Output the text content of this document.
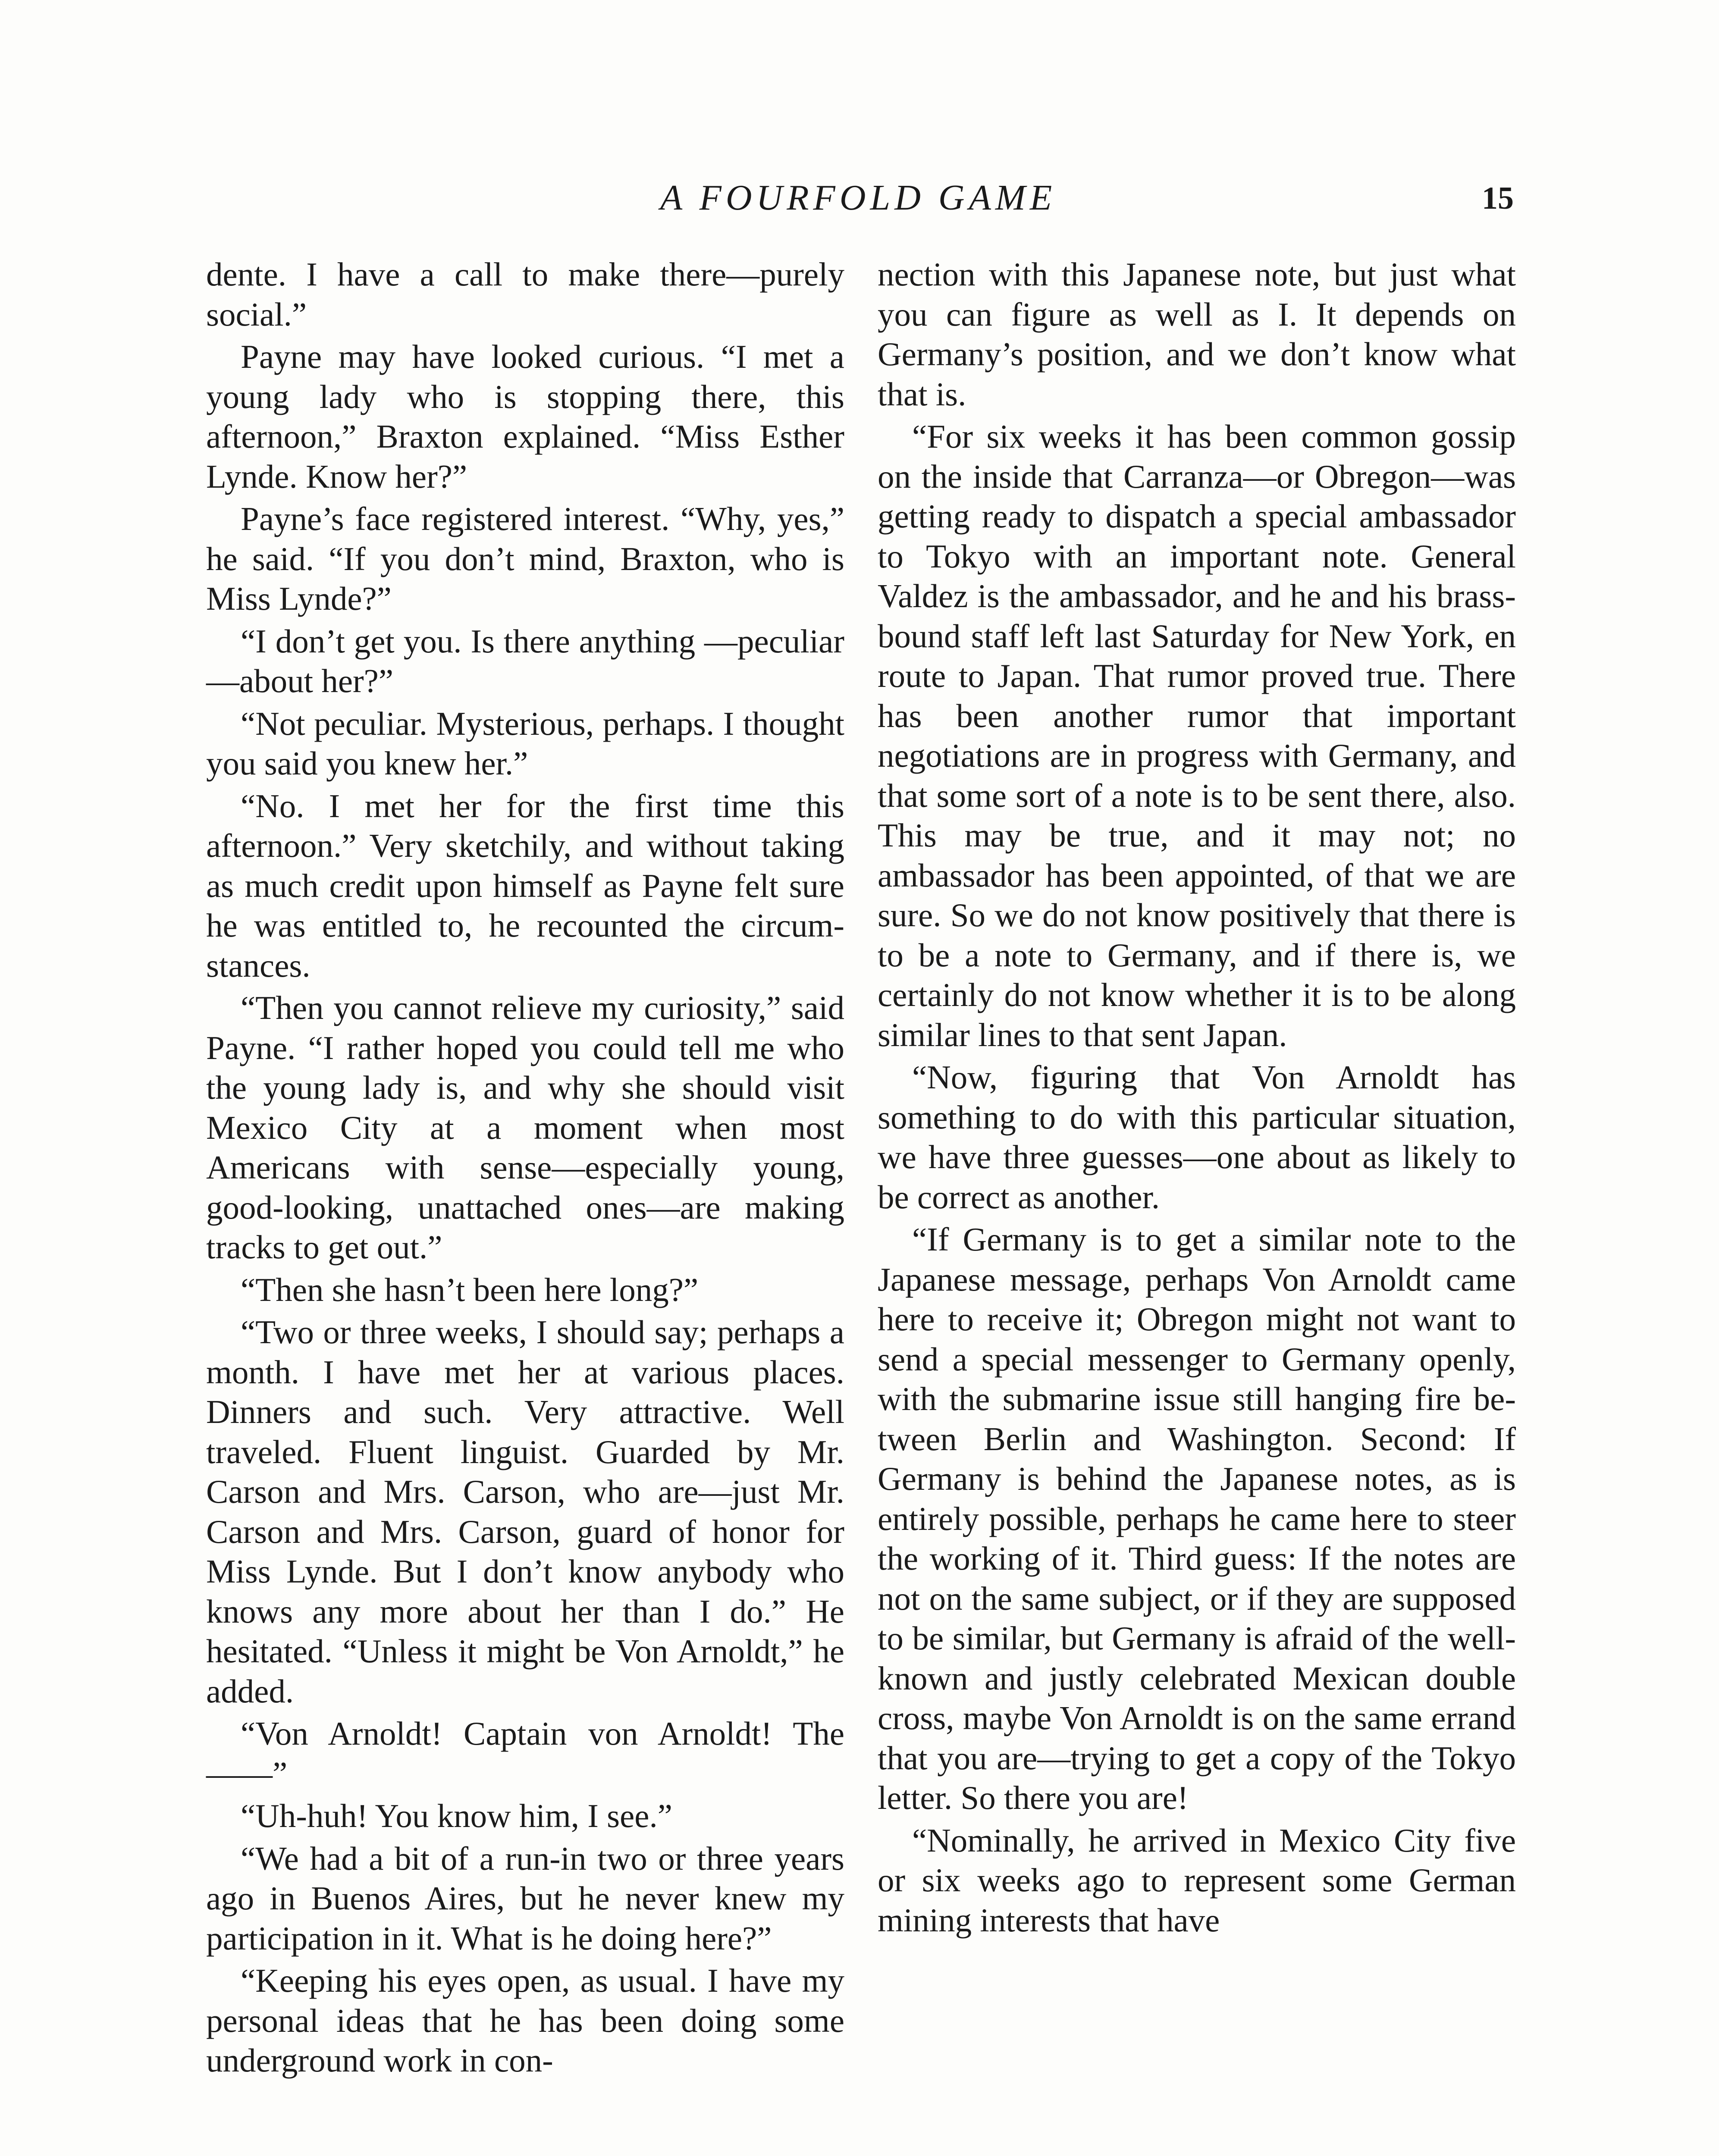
A FOURFOLD GAME	15

dente. I have a call to make there—purely social.”

Payne may have looked curious. “I met a young lady who is stopping there, this afternoon,” Braxton explained. “Miss Esther Lynde. Know her?”

Payne’s face registered interest. “Why, yes,” he said. “If you don’t mind, Braxton, who is Miss Lynde?”

“I don’t get you. Is there anything —peculiar—about her?”

“Not peculiar. Mysterious, perhaps. I thought you said you knew her.”

“No. I met her for the first time this afternoon.” Very sketchily, and without taking as much credit upon himself as Payne felt sure he was entitled to, he recounted the circumstances.

“Then you cannot relieve my curiosity,” said Payne. “I rather hoped you could tell me who the young lady is, and why she should visit Mexico City at a moment when most Americans with sense—especially young, good-looking, unattached ones—are making tracks to get out.”

“Then she hasn’t been here long?”

“Two or three weeks, I should say; perhaps a month. I have met her at various places. Dinners and such. Very attractive. Well traveled. Fluent linguist. Guarded by Mr. Carson and Mrs. Carson, who are—just Mr. Carson and Mrs. Carson, guard of honor for Miss Lynde. But I don’t know anybody who knows any more about her than I do.” He hesitated. “Unless it might be Von Arnoldt,” he added.

“Von Arnoldt! Captain von Arnoldt! The——”

“Uh-huh! You know him, I see.”

“We had a bit of a run-in two or three years ago in Buenos Aires, but he never knew my participation in it. What is he doing here?”

“Keeping his eyes open, as usual. I have my personal ideas that he has been doing some underground work in con-

nection with this Japanese note, but just what you can figure as well as I. It depends on Germany’s position, and we don’t know what that is.

“For six weeks it has been common gossip on the inside that Carranza—or Obregon—was getting ready to dispatch a special ambassador to Tokyo with an important note. General Valdez is the ambassador, and he and his brass-bound staff left last Saturday for New York, en route to Japan. That rumor proved true. There has been another rumor that important negotiations are in progress with Germany, and that some sort of a note is to be sent there, also. This may be true, and it may not; no ambassador has been appointed, of that we are sure. So we do not know positively that there is to be a note to Germany, and if there is, we certainly do not know whether it is to be along similar lines to that sent Japan.

“Now, figuring that Von Arnoldt has something to do with this particular situation, we have three guesses—one about as likely to be correct as another.

“If Germany is to get a similar note to the Japanese message, perhaps Von Arnoldt came here to receive it; Obregon might not want to send a special messenger to Germany openly, with the submarine issue still hanging fire between Berlin and Washington. Second: If Germany is behind the Japanese notes, as is entirely possible, perhaps he came here to steer the working of it. Third guess: If the notes are not on the same subject, or if they are supposed to be similar, but Germany is afraid of the well-known and justly celebrated Mexican double cross, maybe Von Arnoldt is on the same errand that you are—trying to get a copy of the Tokyo letter. So there you are!

“Nominally, he arrived in Mexico City five or six weeks ago to represent some German mining interests that have
